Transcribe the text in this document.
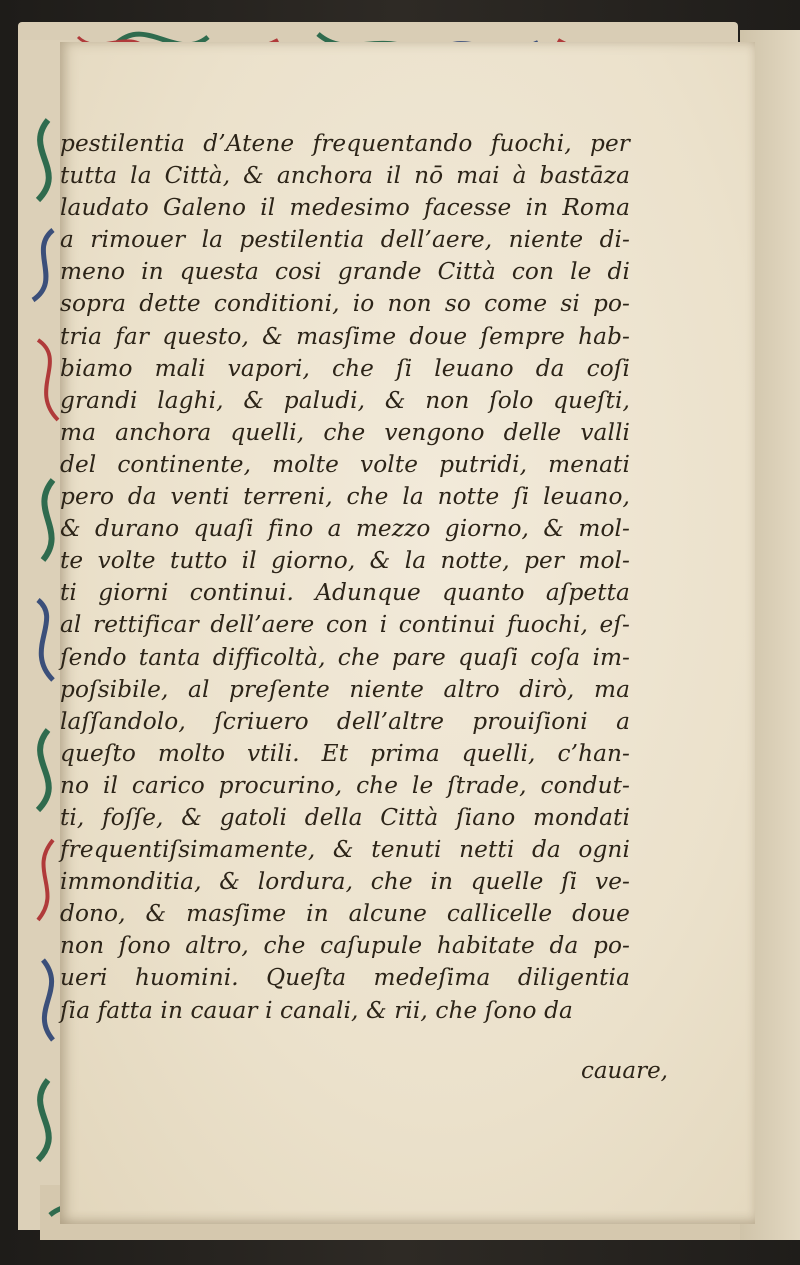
pestilentia d’Atene frequentando fuochi, per
tutta la Città, & anchora il nō mai à bastāza
laudato Galeno il medesimo facesse in Roma
a rimouer la pestilentia dell’aere, niente di-
meno in questa cosi grande Città con le di
sopra dette conditioni, io non so come si po-
tria far questo, & masſime doue ſempre hab-
biamo mali vapori, che ſi leuano da coſi
grandi laghi, & paludi, & non ſolo queſti,
ma anchora quelli, che vengono delle valli
del continente, molte volte putridi, menati
pero da venti terreni, che la notte ſi leuano,
& durano quaſi fino a mezzo giorno, & mol-
te volte tutto il giorno, & la notte, per mol-
ti giorni continui. Adunque quanto aſpetta
al rettificar dell’aere con i continui fuochi, eſ-
ſendo tanta difficoltà, che pare quaſi coſa im-
poſsibile, al preſente niente altro dirò, ma
laſſandolo, ſcriuero dell’altre prouiſioni a
queſto molto vtili. Et prima quelli, c’han-
no il carico procurino, che le ſtrade, condut-
ti, foſſe, & gatoli della Città ſiano mondati
frequentiſsimamente, & tenuti netti da ogni
immonditia, & lordura, che in quelle ſi ve-
dono, & masſime in alcune callicelle doue
non ſono altro, che caſupule habitate da po-
ueri huomini. Queſta medeſima diligentia
ſia fatta in cauar i canali, & rii, che ſono da
cauare,
